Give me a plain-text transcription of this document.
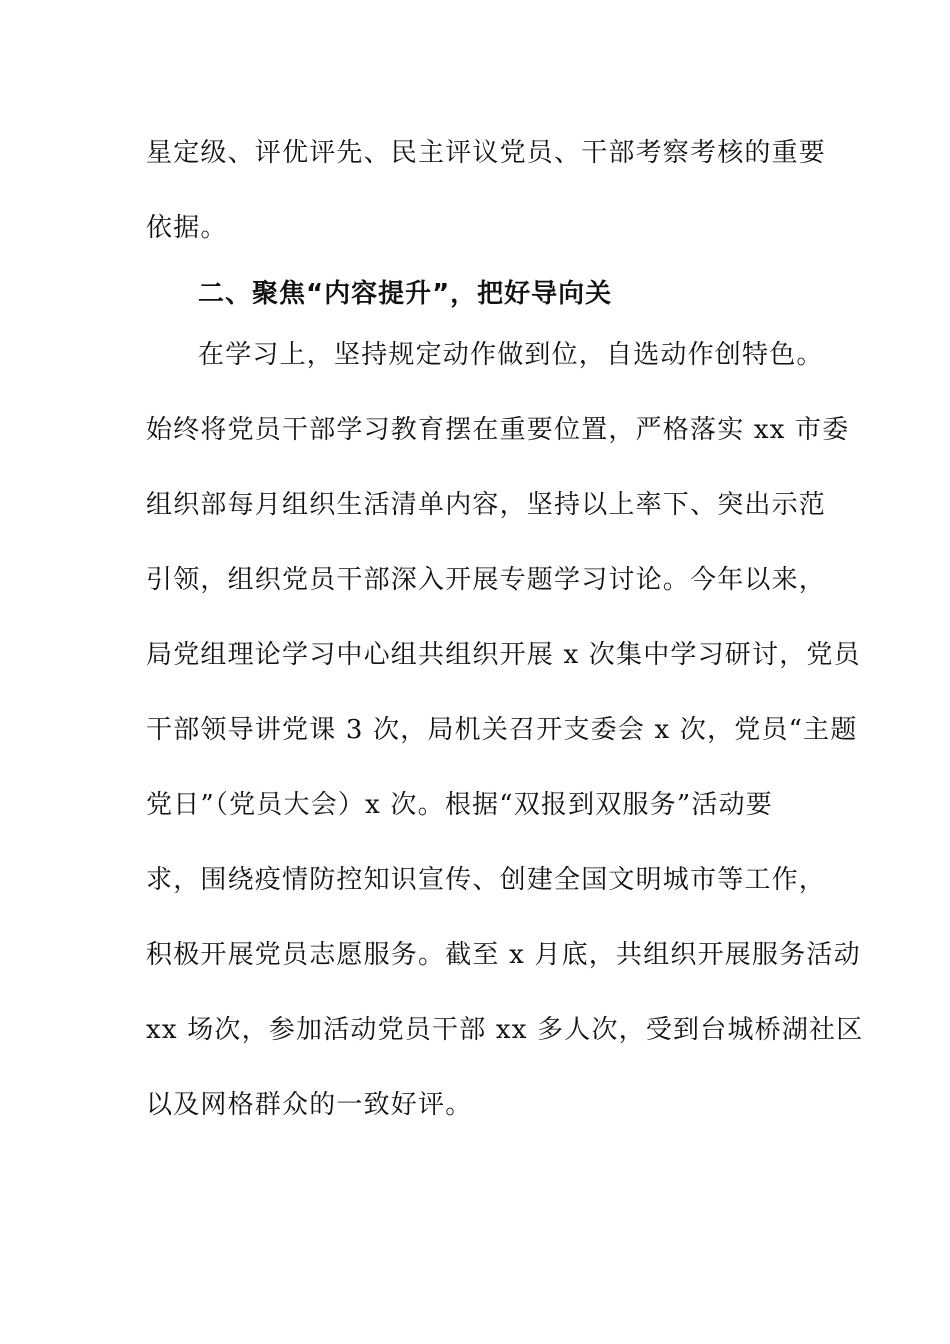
星定级、评优评先、民主评议党员、干部考察考核的重要
依据。
二、聚焦“内容提升”，把好导向关
在学习上，坚持规定动作做到位，自选动作创特色。
始终将党员干部学习教育摆在重要位置，严格落实 xx 市委
组织部每月组织生活清单内容，坚持以上率下、突出示范
引领，组织党员干部深入开展专题学习讨论。今年以来，
局党组理论学习中心组共组织开展 x 次集中学习研讨，党员
干部领导讲党课 3 次，局机关召开支委会 x 次，党员“主题
党日”（党员大会）x 次。根据“双报到双服务”活动要
求，围绕疫情防控知识宣传、创建全国文明城市等工作，
积极开展党员志愿服务。截至 x 月底，共组织开展服务活动
xx 场次，参加活动党员干部 xx 多人次，受到台城桥湖社区
以及网格群众的一致好评。
